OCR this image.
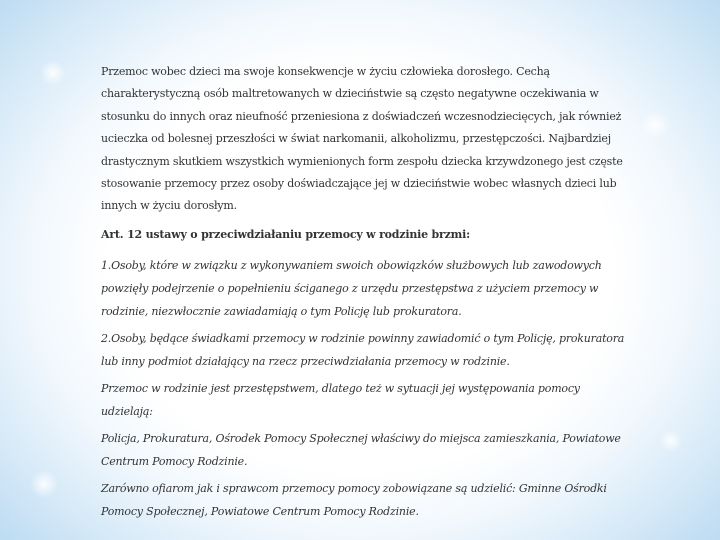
Przemoc wobec dzieci ma swoje konsekwencje w życiu człowieka dorosłego. Cechą charakterystyczną osób maltretowanych w dzieciństwie są często negatywne oczekiwania w stosunku do innych oraz nieufność przeniesiona z doświadczeń wczesnodziecięcych, jak również ucieczka od bolesnej przeszłości w świat narkomanii, alkoholizmu, przestępczości. Najbardziej drastycznym skutkiem wszystkich wymienionych form zespołu dziecka krzywdzonego jest częste stosowanie przemocy przez osoby doświadczające jej w dzieciństwie wobec własnych dzieci lub innych w życiu dorosłym.

Art. 12 ustawy o przeciwdziałaniu przemocy w rodzinie brzmi:

1.Osoby, które w związku z wykonywaniem swoich obowiązków służbowych lub zawodowych powzięły podejrzenie o popełnieniu ściganego z urzędu przestępstwa z użyciem przemocy w rodzinie, niezwłocznie zawiadamiają o tym Policję lub prokuratora.

2.Osoby, będące świadkami przemocy w rodzinie powinny zawiadomić o tym Policję, prokuratora lub inny podmiot działający na rzecz przeciwdziałania przemocy w rodzinie.

Przemoc w rodzinie jest przestępstwem, dlatego też w sytuacji jej występowania pomocy udzielają:

Policja, Prokuratura, Ośrodek Pomocy Społecznej właściwy do miejsca zamieszkania, Powiatowe Centrum Pomocy Rodzinie.

Zarówno ofiarom jak i sprawcom przemocy pomocy zobowiązane są udzielić: Gminne Ośrodki Pomocy Społecznej, Powiatowe Centrum Pomocy Rodzinie.
